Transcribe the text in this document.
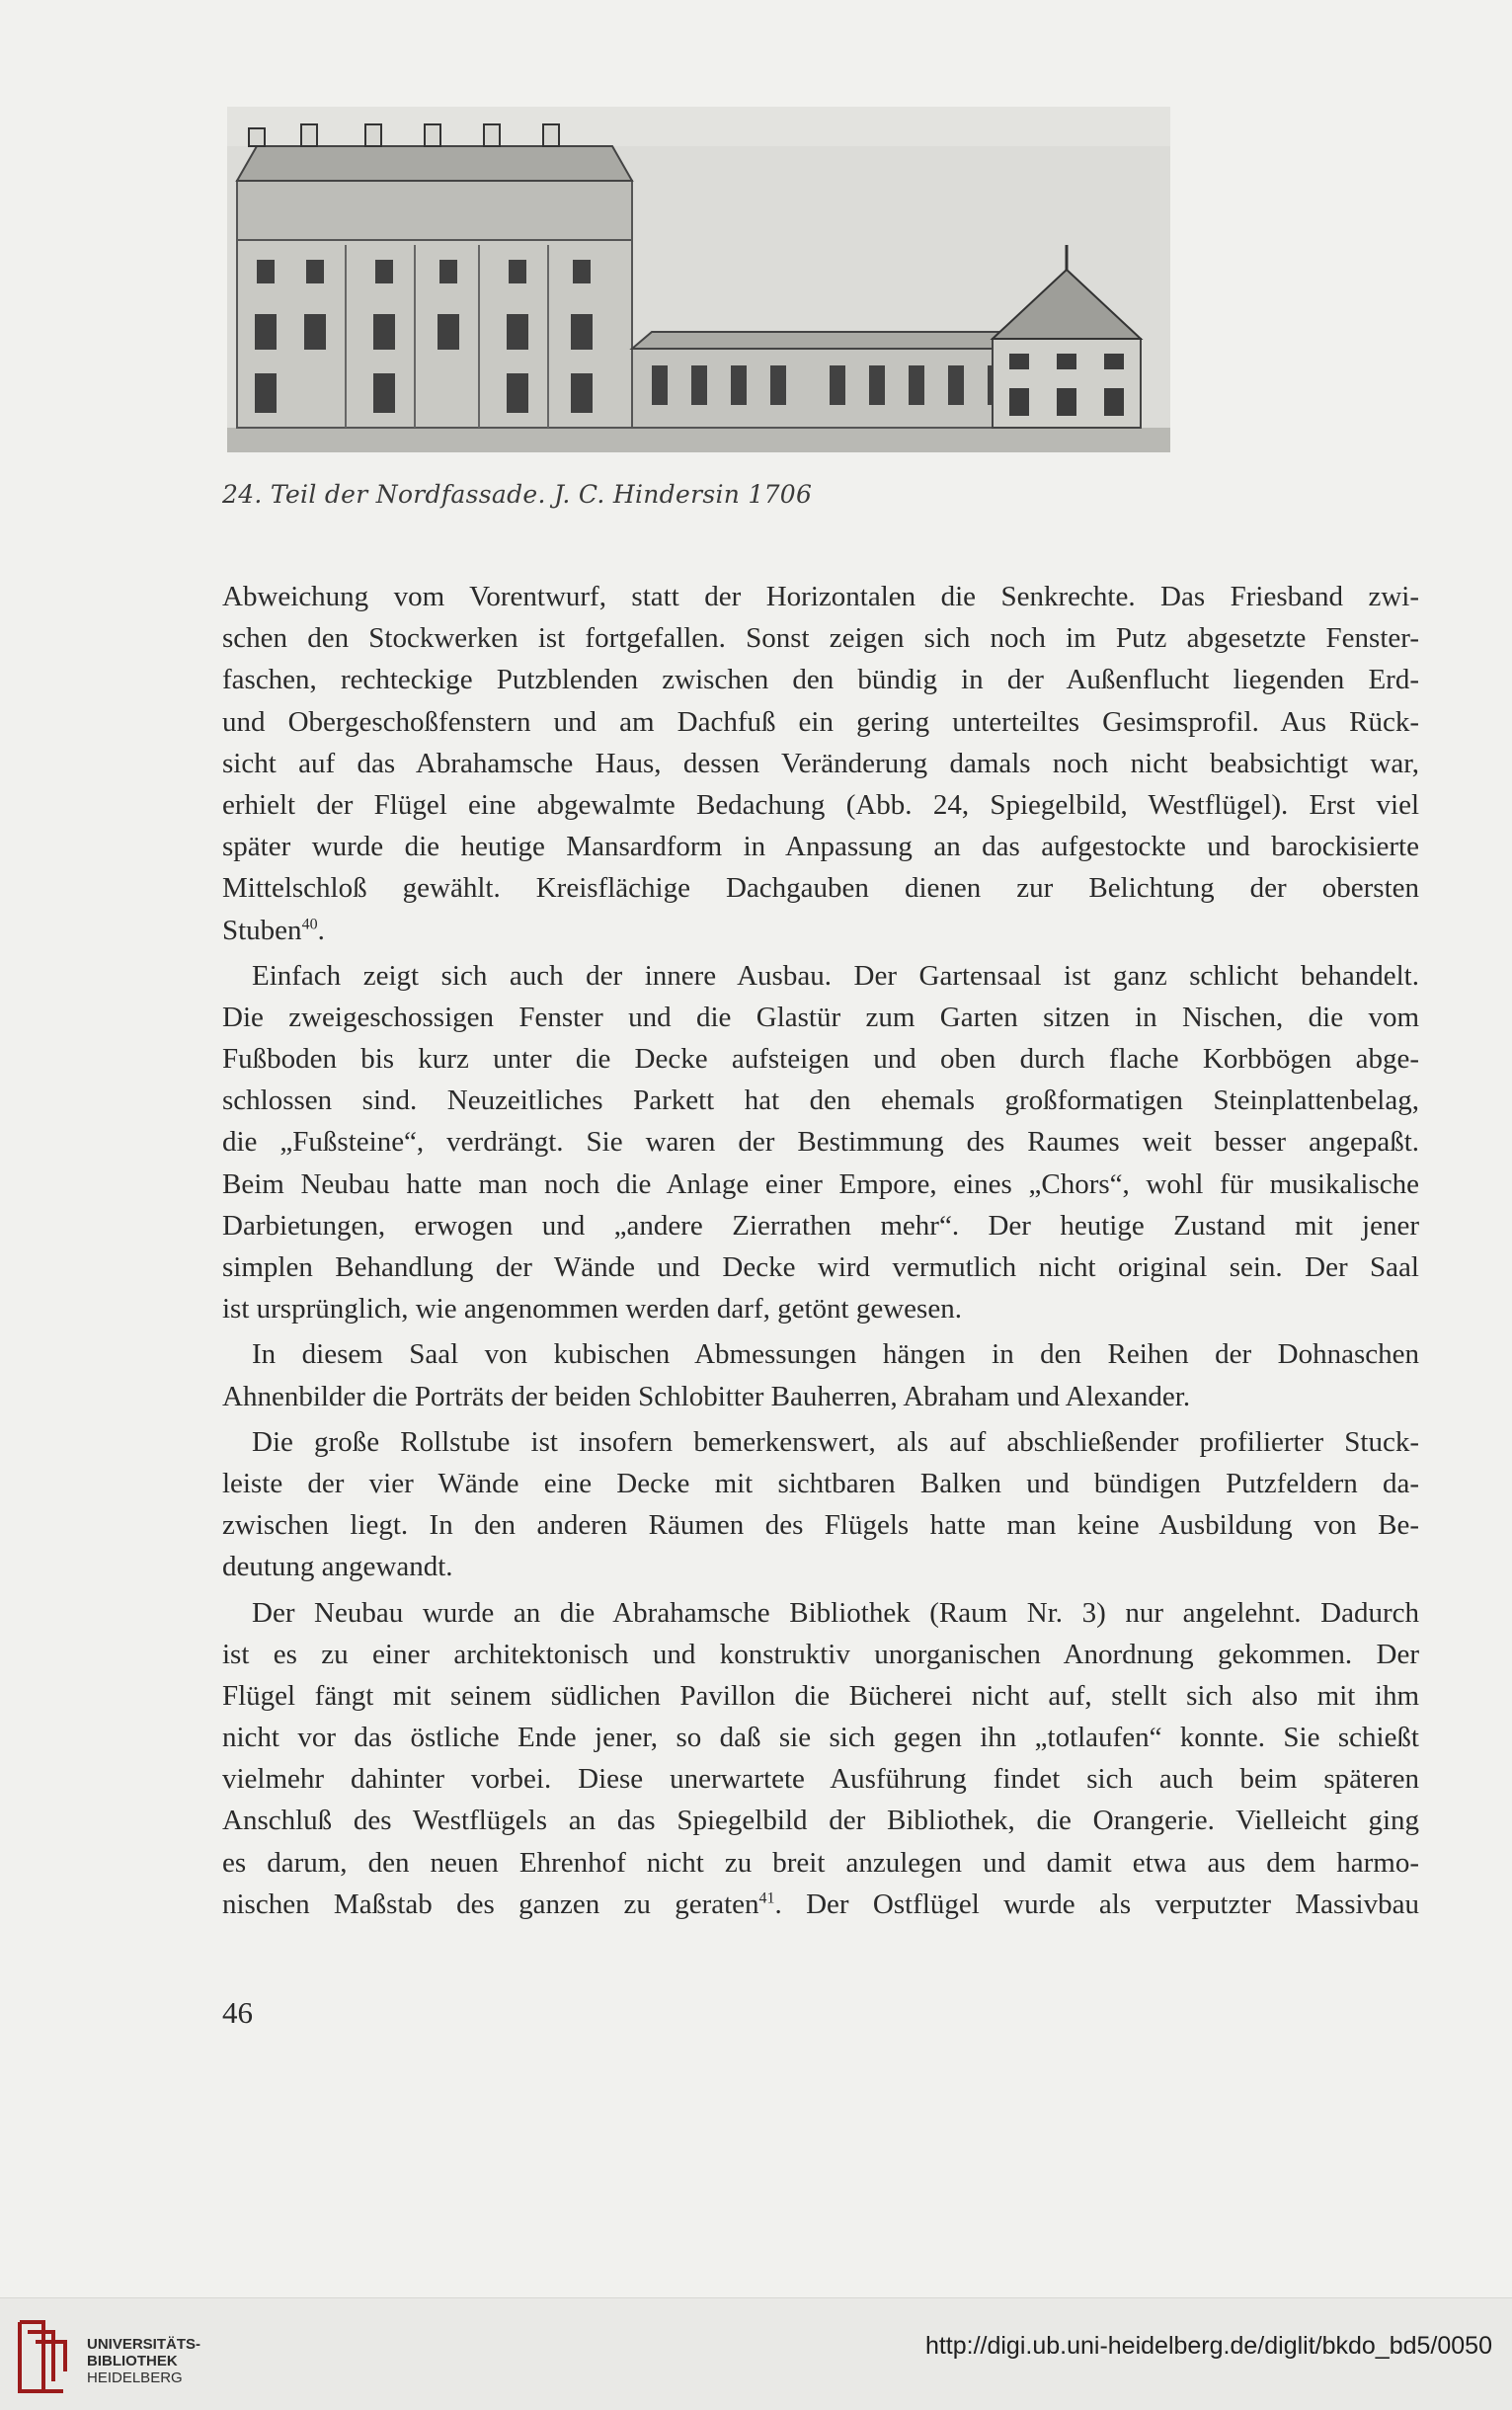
24. Teil der Nordfassade. J. C. Hindersin 1706
Abweichung vom Vorentwurf, statt der Horizontalen die Senkrechte. Das Friesband zwi-
schen den Stockwerken ist fortgefallen. Sonst zeigen sich noch im Putz abgesetzte Fenster-
faschen, rechteckige Putzblenden zwischen den bündig in der Außenflucht liegenden Erd-
und Obergeschoßfenstern und am Dachfuß ein gering unterteiltes Gesimsprofil. Aus Rück-
sicht auf das Abrahamsche Haus, dessen Veränderung damals noch nicht beabsichtigt war,
erhielt der Flügel eine abgewalmte Bedachung (Abb. 24, Spiegelbild, Westflügel). Erst viel
später wurde die heutige Mansardform in Anpassung an das aufgestockte und barockisierte
Mittelschloß gewählt. Kreisflächige Dachgauben dienen zur Belichtung der obersten
Stuben$^{40}$.
Einfach zeigt sich auch der innere Ausbau. Der Gartensaal ist ganz schlicht behandelt.
Die zweigeschossigen Fenster und die Glastür zum Garten sitzen in Nischen, die vom
Fußboden bis kurz unter die Decke aufsteigen und oben durch flache Korbbögen abge-
schlossen sind. Neuzeitliches Parkett hat den ehemals großformatigen Steinplattenbelag,
die „Fußsteine“, verdrängt. Sie waren der Bestimmung des Raumes weit besser angepaßt.
Beim Neubau hatte man noch die Anlage einer Empore, eines „Chors“, wohl für musikalische
Darbietungen, erwogen und „andere Zierrathen mehr“. Der heutige Zustand mit jener
simplen Behandlung der Wände und Decke wird vermutlich nicht original sein. Der Saal
ist ursprünglich, wie angenommen werden darf, getönt gewesen.
In diesem Saal von kubischen Abmessungen hängen in den Reihen der Dohnaschen
Ahnenbilder die Porträts der beiden Schlobitter Bauherren, Abraham und Alexander.
Die große Rollstube ist insofern bemerkenswert, als auf abschließender profilierter Stuck-
leiste der vier Wände eine Decke mit sichtbaren Balken und bündigen Putzfeldern da-
zwischen liegt. In den anderen Räumen des Flügels hatte man keine Ausbildung von Be-
deutung angewandt.
Der Neubau wurde an die Abrahamsche Bibliothek (Raum Nr. 3) nur angelehnt. Dadurch
ist es zu einer architektonisch und konstruktiv unorganischen Anordnung gekommen. Der
Flügel fängt mit seinem südlichen Pavillon die Bücherei nicht auf, stellt sich also mit ihm
nicht vor das östliche Ende jener, so daß sie sich gegen ihn „totlaufen“ konnte. Sie schießt
vielmehr dahinter vorbei. Diese unerwartete Ausführung findet sich auch beim späteren
Anschluß des Westflügels an das Spiegelbild der Bibliothek, die Orangerie. Vielleicht ging
es darum, den neuen Ehrenhof nicht zu breit anzulegen und damit etwa aus dem harmo-
nischen Maßstab des ganzen zu geraten$^{41}$. Der Ostflügel wurde als verputzter Massivbau
46
UNIVERSITÄTS-
BIBLIOTHEK
HEIDELBERG
http://digi.ub.uni-heidelberg.de/diglit/bkdo_bd5/0050
